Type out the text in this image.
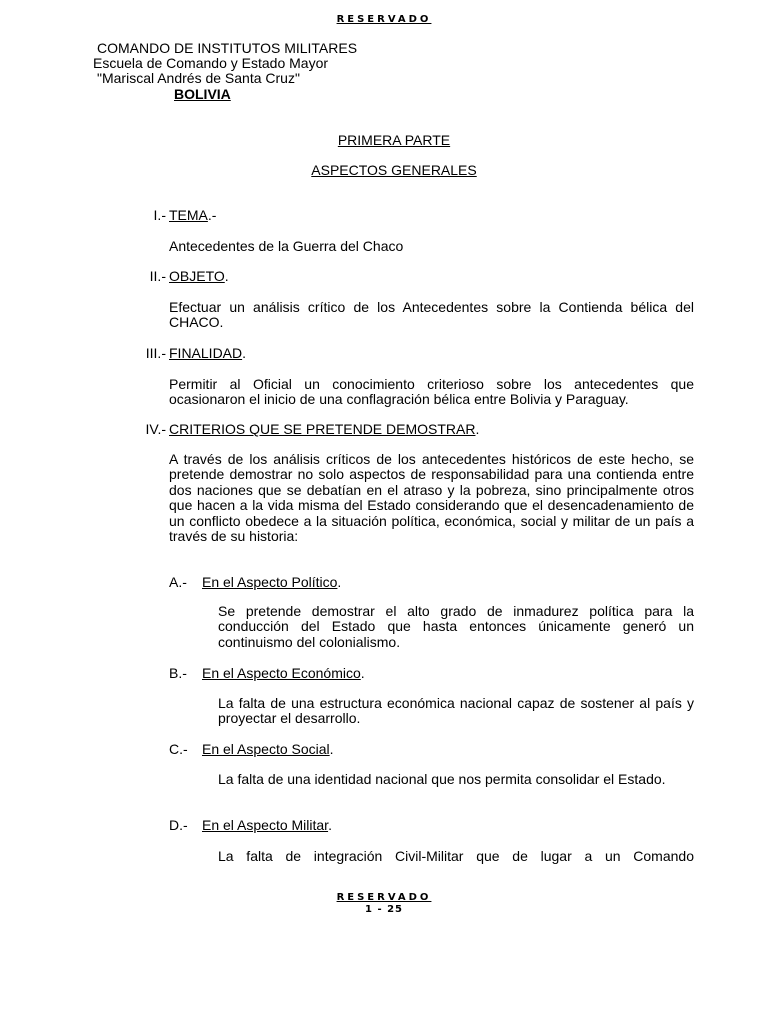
RESERVADO
COMANDO DE INSTITUTOS MILITARES
Escuela de Comando y Estado Mayor
"Mariscal Andrés de Santa Cruz"
BOLIVIA
PRIMERA PARTE
ASPECTOS GENERALES
I.- TEMA.-
Antecedentes de la Guerra del Chaco
II.- OBJETO.
Efectuar un análisis crítico de los Antecedentes sobre la Contienda bélica del CHACO.
III.- FINALIDAD.
Permitir al Oficial un conocimiento criterioso sobre los antecedentes que ocasionaron el inicio de una conflagración bélica entre Bolivia y Paraguay.
IV.- CRITERIOS QUE SE PRETENDE DEMOSTRAR.
A través de los análisis críticos de los antecedentes históricos de este hecho, se pretende demostrar no solo aspectos de responsabilidad para una contienda entre dos naciones que se debatían en el atraso y la pobreza, sino principalmente otros que hacen a la vida misma del Estado considerando que el desencadenamiento de un conflicto obedece a la situación política, económica, social y militar de un país a través de su historia:
A.- En el Aspecto Político.
Se pretende demostrar el alto grado de inmadurez política para la conducción del Estado que hasta entonces únicamente generó un continuismo del colonialismo.
B.- En el Aspecto Económico.
La falta de una estructura económica nacional capaz de sostener al país y proyectar el desarrollo.
C.- En el Aspecto Social.
La falta de una identidad nacional que nos permita consolidar el Estado.
D.- En el Aspecto Militar.
La falta de integración Civil-Militar que de lugar a un Comando
RESERVADO
1 - 25
